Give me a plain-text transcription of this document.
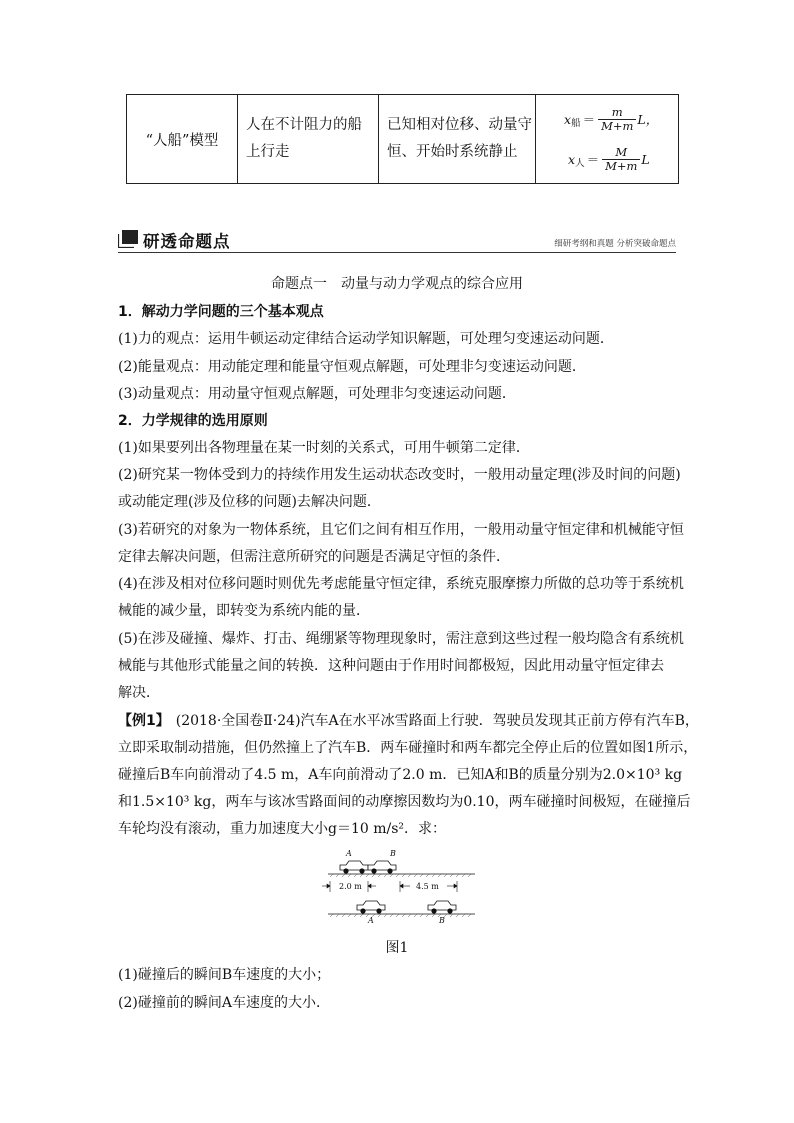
“人船”模型	
人在不计阻力的船
上行走

已知相对位移、动量守
恒、开始时系统静止

x 船 ＝ $\frac{m}{M+m}$ L，
x 人 ＝ $\frac{M}{M+m}$ L
研透命题点	细研考纲和真题 分析突破命题点
命题点一　动量与动力学观点的综合应用
1．解动力学问题的三个基本观点
(1)力的观点：运用牛顿运动定律结合运动学知识解题，可处理匀变速运动问题．
(2)能量观点：用动能定理和能量守恒观点解题，可处理非匀变速运动问题．
(3)动量观点：用动量守恒观点解题，可处理非匀变速运动问题．
2．力学规律的选用原则
(1)如果要列出各物理量在某一时刻的关系式，可用牛顿第二定律．
(2)研究某一物体受到力的持续作用发生运动状态改变时，一般用动量定理(涉及时间的问题)
或动能定理(涉及位移的问题)去解决问题．
(3)若研究的对象为一物体系统，且它们之间有相互作用，一般用动量守恒定律和机械能守恒
定律去解决问题，但需注意所研究的问题是否满足守恒的条件．
(4)在涉及相对位移问题时则优先考虑能量守恒定律，系统克服摩擦力所做的总功等于系统机
械能的减少量，即转变为系统内能的量．
(5)在涉及碰撞、爆炸、打击、绳绷紧等物理现象时，需注意到这些过程一般均隐含有系统机
械能与其他形式能量之间的转换．这种问题由于作用时间都极短，因此用动量守恒定律去
解决．
【例1】 (2018·全国卷Ⅱ·24)汽车A在水平冰雪路面上行驶．驾驶员发现其正前方停有汽车B，
立即采取制动措施，但仍然撞上了汽车B．两车碰撞时和两车都完全停止后的位置如图1所示，
碰撞后B车向前滑动了4.5 m，A车向前滑动了2.0 m．已知A和B的质量分别为2.0×10³ kg
和1.5×10³ kg，两车与该冰雪路面间的动摩擦因数均为0.10，两车碰撞时间极短，在碰撞后
车轮均没有滚动，重力加速度大小g＝10 m/s²．求：
A	B
2.0 m	4.5 m
A	B
图1
(1)碰撞后的瞬间B车速度的大小；
(2)碰撞前的瞬间A车速度的大小．
